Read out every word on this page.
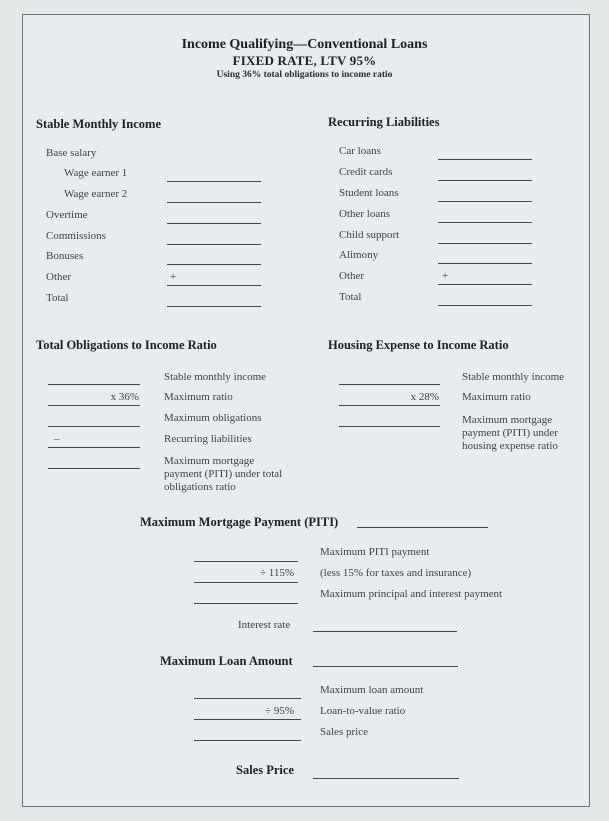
Income Qualifying—Conventional Loans
FIXED RATE, LTV 95%
Using 36% total obligations to income ratio
Stable Monthly Income
Base salary
Wage earner 1
Wage earner 2
Overtime
Commissions
Bonuses
Other	+
Total
Recurring Liabilities
Car loans
Credit cards
Student loans
Other loans
Child support
Alimony
Other	+
Total
Total Obligations to Income Ratio
Stable monthly income
x 36% Maximum ratio
Maximum obligations
–	Recurring liabilities
Maximum mortgage payment (PITI) under total obligations ratio
Housing Expense to Income Ratio
Stable monthly income
x 28% Maximum ratio
Maximum mortgage payment (PITI) under housing expense ratio
Maximum Mortgage Payment (PITI)
Maximum PITI payment
÷ 115% (less 15% for taxes and insurance)
Maximum principal and interest payment
Interest rate
Maximum Loan Amount
Maximum loan amount
÷ 95% Loan-to-value ratio
Sales price
Sales Price
